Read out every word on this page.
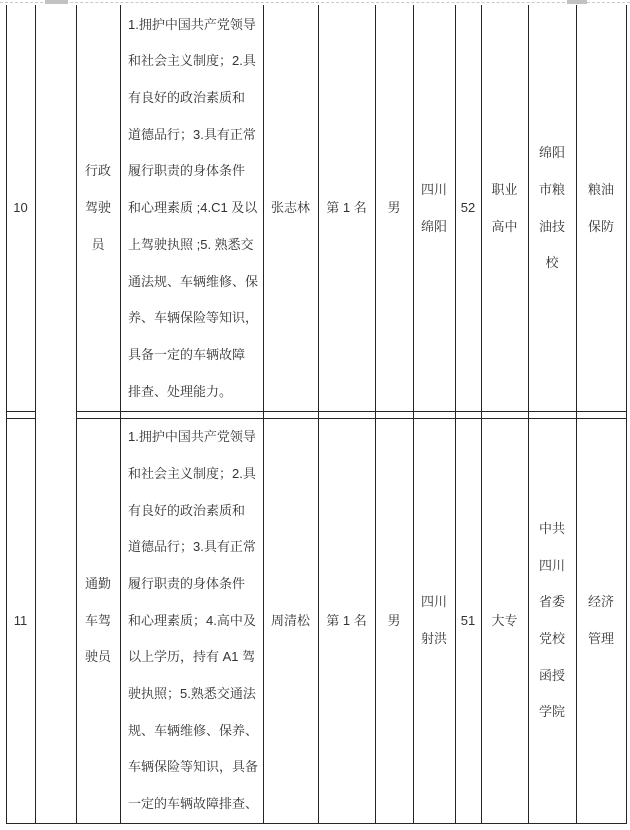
10
行政
驾驶
员
1.拥护中国共产党领导
和社会主义制度；2.具
有良好的政治素质和
道德品行；3.具有正常
履行职责的身体条件
和心理素质 ;4.C1 及以
上驾驶执照 ;5. 熟悉交
通法规、车辆维修、保
养、车辆保险等知识，
具备一定的车辆故障
排查、处理能力。
张志林 第 1 名 男
四川
绵阳
52
职业
高中
绵阳
市粮
油技
校
粮油
保防
11
通勤
车驾
驶员
1.拥护中国共产党领导
和社会主义制度；2.具
有良好的政治素质和
道德品行；3.具有正常
履行职责的身体条件
和心理素质；4.高中及
以上学历，持有 A1 驾
驶执照；5.熟悉交通法
规、车辆维修、保养、
车辆保险等知识，具备
一定的车辆故障排查、
周清松 第 1 名 男
四川
射洪
51 大专
中共
四川
省委
党校
函授
学院
经济
管理
